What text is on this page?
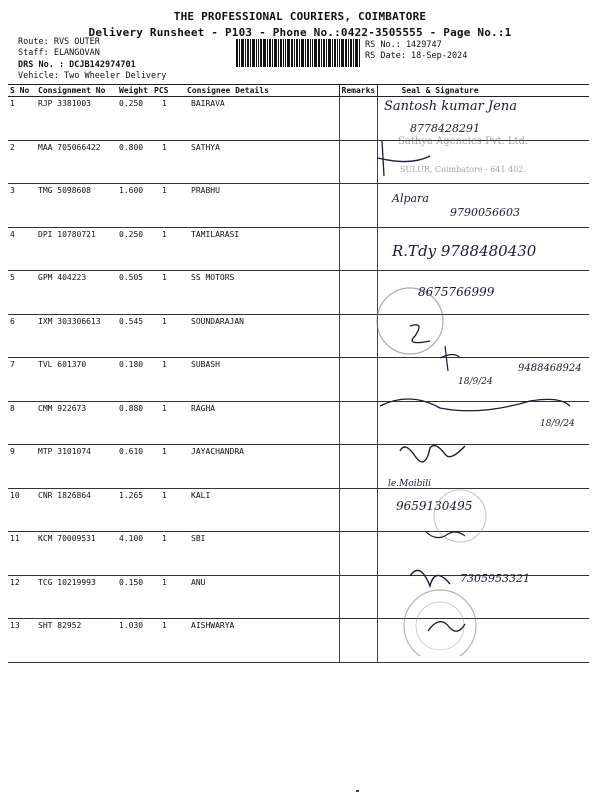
THE PROFESSIONAL COURIERS, COIMBATORE
Delivery Runsheet - P103 - Phone No.:0422-3505555 - Page No.:1
Route: RVS OUTER
Staff: ELANGOVAN
DRS No. : DCJB142974701
Vehicle: Two Wheeler Delivery
RS No.: 1429747
RS Date: 18-Sep-2024
S No	Consignment No	Weight	PCS	Consignee Details	Remarks	Seal & Signature
1	RJP 3381003	0.250	1	BAIRAVA		
2	MAA 705066422	0.800	1	SATHYA		
3	TMG 5098608	1.600	1	PRABHU		
4	DPI 10780721	0.250	1	TAMILARASI		
5	GPM 404223	0.505	1	SS MOTORS		
6	IXM 303306613	0.545	1	SOUNDARAJAN		
7	TVL 601370	0.180	1	SUBASH		
8	CMM 922673	0.880	1	RAGHA		
9	MTP 3101074	0.610	1	JAYACHANDRA		
10	CNR 1826864	1.265	1	KALI		
11	KCM 70009531	4.100	1	SBI		
12	TCG 10219993	0.150	1	ANU		
13	SHT 82952	1.030	1	AISHWARYA		
Santosh kumar Jena
8778428291
Sathya Agencies Pvt. Ltd.
SULUR, Coimbatore - 641 402.
Alpara
9790056603
R.Tdy 9788480430
8675766999
18/9/24
9488468924
18/9/24
le.Moibili
9659130495
7305953321
